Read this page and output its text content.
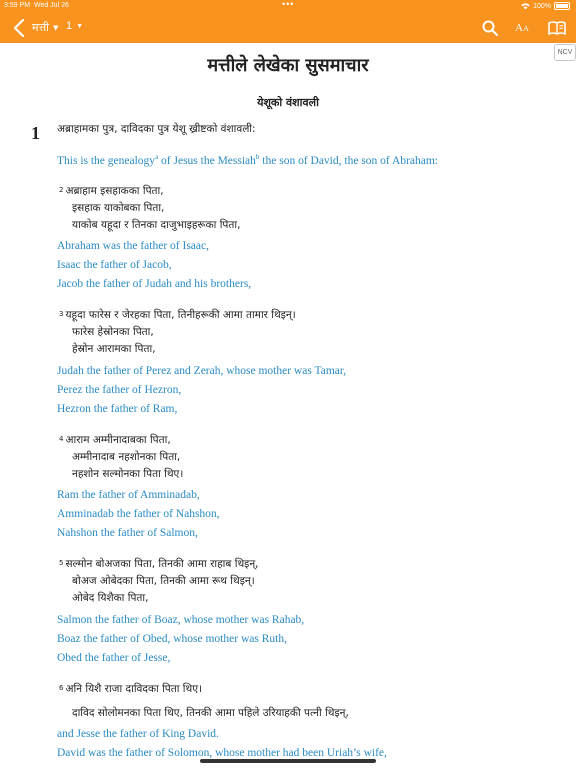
3:59 PM Wed Jul 26	•••	100%
मत्ती ▼ 1 ▼	AA
NCV
मत्तीले लेखेका सुसमाचार
येशूको वंशावली
1 अब्राहामका पुत्र, दाविदका पुत्र येशू ख्रीष्टको वंशावली:
This is the genealogy$^a$ of Jesus the Messiah$^b$ the son of David, the son of Abraham:
2 अब्राहाम इसहाकका पिता,
इसहाक याकोबका पिता,
याकोब यहूदा र तिनका दाजुभाइहरूका पिता,
Abraham was the father of Isaac,
Isaac the father of Jacob,
Jacob the father of Judah and his brothers,
3 यहूदा फारेस र जेरहका पिता, तिनीहरूकी आमा तामार थिइन्।
फारेस हेस्रोनका पिता,
हेस्रोन आरामका पिता,
Judah the father of Perez and Zerah, whose mother was Tamar,
Perez the father of Hezron,
Hezron the father of Ram,
4 आराम अम्मीनादाबका पिता,
अम्मीनादाब नहशोनका पिता,
नहशोन सल्मोनका पिता थिए।
Ram the father of Amminadab,
Amminadab the father of Nahshon,
Nahshon the father of Salmon,
5 सल्मोन बोअजका पिता, तिनकी आमा राहाब थिइन्,
बोअज ओबेदका पिता, तिनकी आमा रूथ थिइन्।
ओबेद यिशैका पिता,
Salmon the father of Boaz, whose mother was Rahab,
Boaz the father of Obed, whose mother was Ruth,
Obed the father of Jesse,
6 अनि यिशै राजा दाविदका पिता थिए।
दाविद सोलोमनका पिता थिए, तिनकी आमा पहिले उरियाहकी पत्नी थिइन्,
and Jesse the father of King David.
David was the father of Solomon, whose mother had been Uriah’s wife,
